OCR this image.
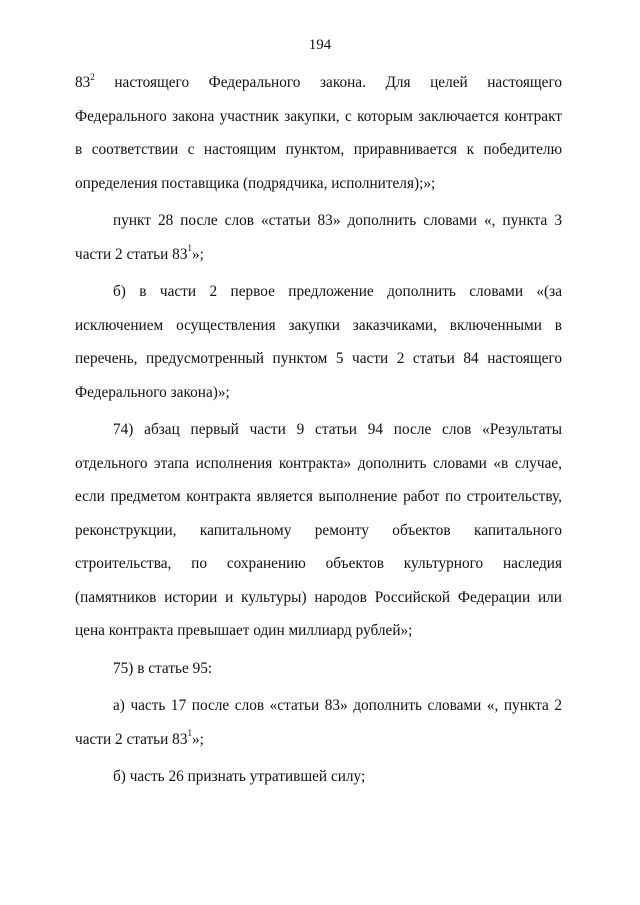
194

$83^2$ настоящего Федерального закона. Для целей настоящего Федерального закона участник закупки, с которым заключается контракт в соответствии с настоящим пунктом, приравнивается к победителю определения поставщика (подрядчика, исполнителя);»;

пункт 28 после слов «статьи 83» дополнить словами «, пункта 3 части 2 статьи $83^1$»;

б) в части 2 первое предложение дополнить словами «(за исключением осуществления закупки заказчиками, включенными в перечень, предусмотренный пунктом 5 части 2 статьи 84 настоящего Федерального закона)»;

74) абзац первый части 9 статьи 94 после слов «Результаты отдельного этапа исполнения контракта» дополнить словами «в случае, если предметом контракта является выполнение работ по строительству, реконструкции, капитальному ремонту объектов капитального строительства, по сохранению объектов культурного наследия (памятников истории и культуры) народов Российской Федерации или цена контракта превышает один миллиард рублей»;

75) в статье 95:

а) часть 17 после слов «статьи 83» дополнить словами «, пункта 2 части 2 статьи $83^1$»;

б) часть 26 признать утратившей силу;
